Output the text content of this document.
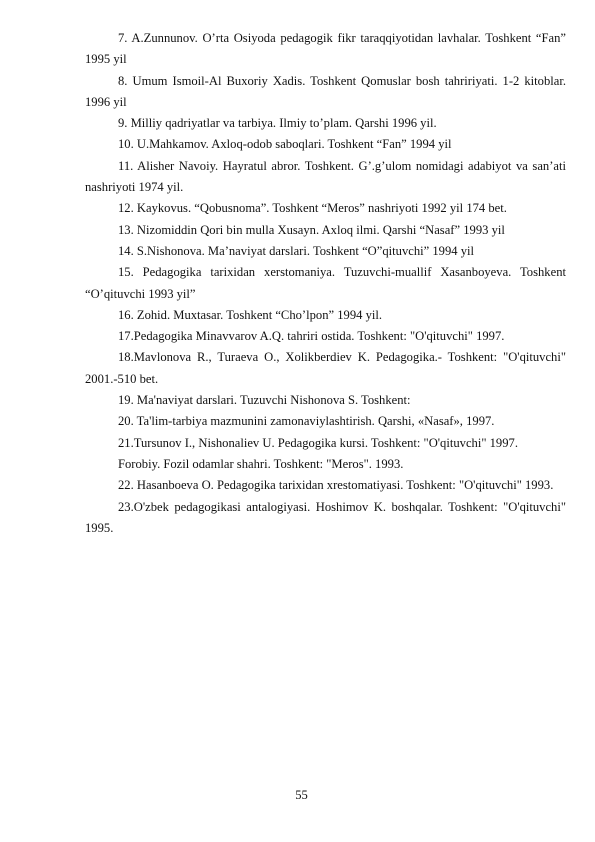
7. A.Zunnunov. O’rta Osiyoda pedagogik fikr taraqqiyotidan lavhalar. Toshkent “Fan” 1995 yil

8. Umum Ismoil-Al Buxoriy Xadis. Toshkent Qomuslar bosh tahririyati. 1-2 kitoblar. 1996 yil

9. Milliy qadriyatlar va tarbiya. Ilmiy to’plam. Qarshi 1996 yil.

10. U.Mahkamov. Axloq-odob saboqlari. Toshkent “Fan” 1994 yil

11. Alisher Navoiy. Hayratul abror. Toshkent. G’.g’ulom nomidagi adabiyot va san’ati nashriyoti 1974 yil.

12. Kaykovus. “Qobusnoma”. Toshkent “Meros” nashriyoti 1992 yil 174 bet.

13. Nizomiddin Qori bin mulla Xusayn. Axloq ilmi. Qarshi “Nasaf” 1993 yil

14. S.Nishonova. Ma’naviyat darslari. Toshkent “O”qituvchi” 1994 yil

15. Pedagogika tarixidan xerstomaniya. Tuzuvchi-muallif Xasanboyeva. Toshkent “O’qituvchi 1993 yil”

16. Zohid. Muxtasar. Toshkent “Cho’lpon” 1994 yil.

17.Pedagogika Minavvarov A.Q. tahriri ostida. Toshkent: "O'qituvchi" 1997.

18.Mavlonova R., Turaeva O., Xolikberdiev K. Pedagogika.- Toshkent: "O'qituvchi" 2001.-510 bet.

19. Ma'naviyat darslari. Tuzuvchi Nishonova S. Toshkent:

20. Ta'lim-tarbiya mazmunini zamonaviylashtirish. Qarshi, «Nasaf», 1997.

21.Tursunov I., Nishonaliev U. Pedagogika kursi. Toshkent: "O'qituvchi" 1997.

Forobiy. Fozil odamlar shahri. Toshkent: "Meros". 1993.

22. Hasanboeva O. Pedagogika tarixidan xrestomatiyasi. Toshkent: "O'qituvchi" 1993.

23.O'zbek pedagogikasi antalogiyasi. Hoshimov K. boshqalar. Toshkent: "O'qituvchi" 1995.

55
